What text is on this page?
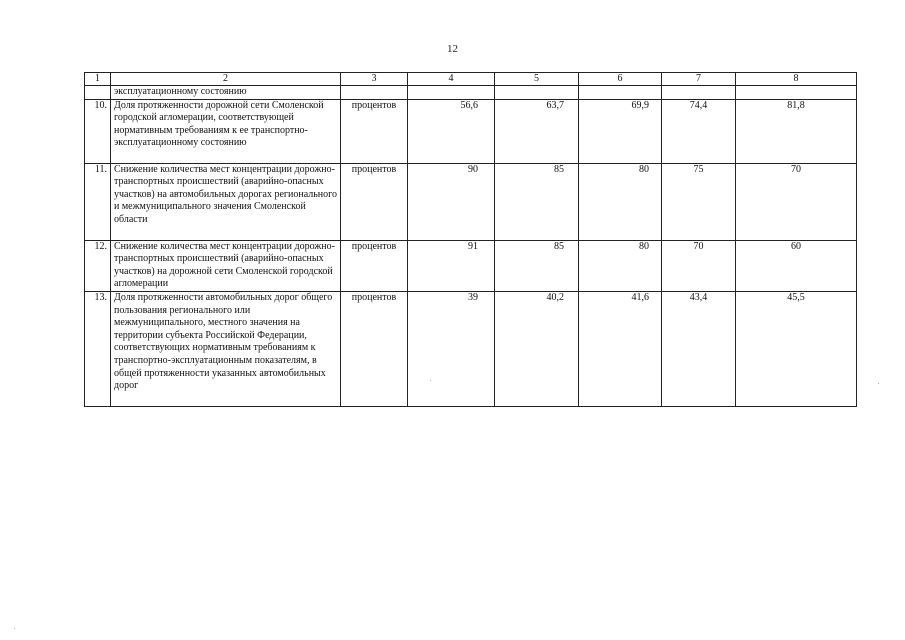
12
1	2	3	4	5	6	7	8
	эксплуатационному состоянию						
10.	Доля протяженности дорожной сети Смоленской городской агломерации, соответствующей нормативным требованиям к ее транспортно-эксплуатационному состоянию	процентов	56,6	63,7	69,9	74,4	81,8
11.	Снижение количества мест концентрации дорожно-транспортных происшествий (аварийно-опасных участков) на автомобильных дорогах регионального и межмуниципального значения Смоленской области	процентов	90	85	80	75	70
12.	Снижение количества мест концентрации дорожно-транспортных происшествий (аварийно-опасных участков) на дорожной сети Смоленской городской агломерации	процентов	91	85	80	70	60
13.	Доля протяженности автомобильных дорог общего пользования регионального или межмуниципального, местного значения на территории субъекта Российской Федерации, соответствующих нормативным требованиям к транспортно-эксплуатационным показателям, в общей протяженности указанных автомобильных дорог	процентов	39	40,2	41,6	43,4	45,5
